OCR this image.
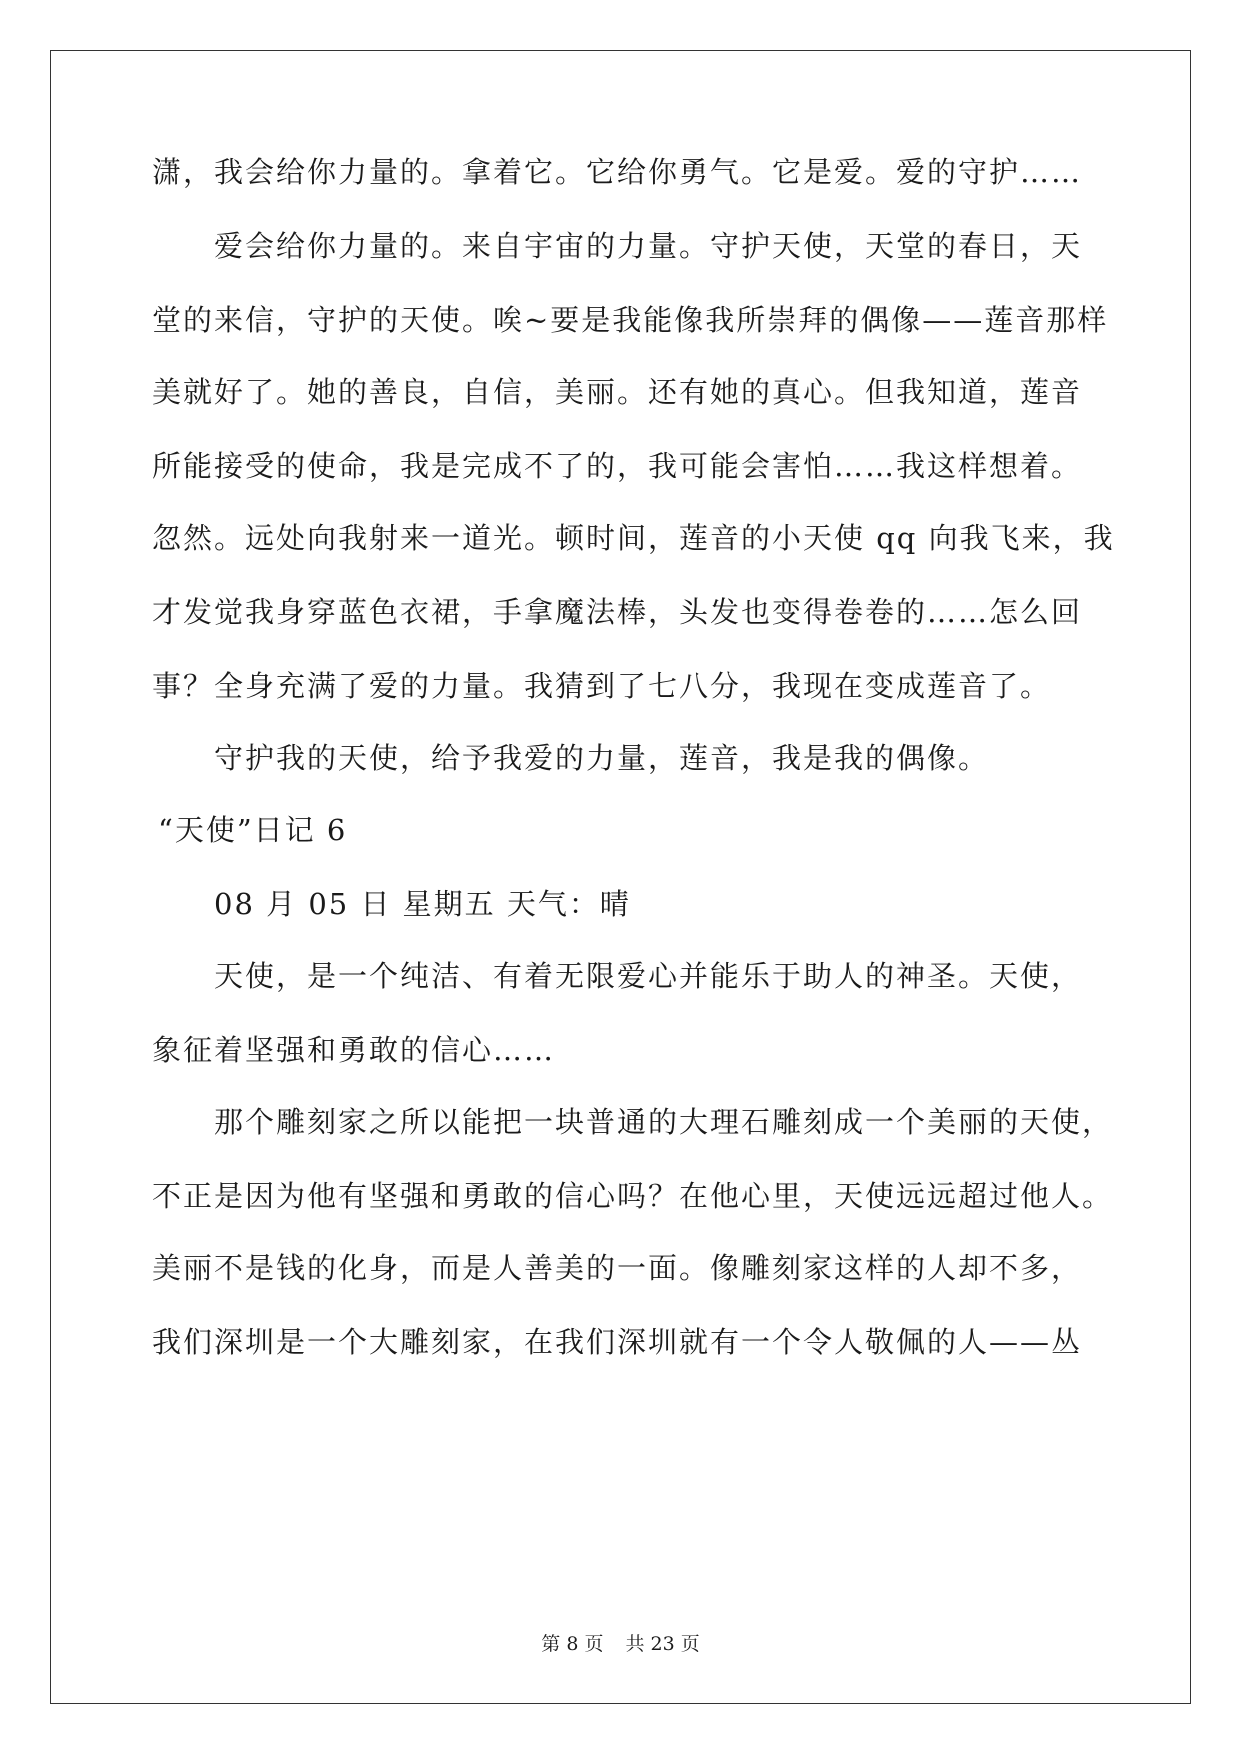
潇，我会给你力量的。拿着它。它给你勇气。它是爱。爱的守护……
爱会给你力量的。来自宇宙的力量。守护天使，天堂的春日，天
堂的来信，守护的天使。唉~要是我能像我所崇拜的偶像——莲音那样
美就好了。她的善良，自信，美丽。还有她的真心。但我知道，莲音
所能接受的使命，我是完成不了的，我可能会害怕……我这样想着。
忽然。远处向我射来一道光。顿时间，莲音的小天使 qq 向我飞来，我
才发觉我身穿蓝色衣裙，手拿魔法棒，头发也变得卷卷的……怎么回
事？全身充满了爱的力量。我猜到了七八分，我现在变成莲音了。
守护我的天使，给予我爱的力量，莲音，我是我的偶像。
“天使”日记 6
08 月 05 日 星期五 天气：晴
天使，是一个纯洁、有着无限爱心并能乐于助人的神圣。天使，
象征着坚强和勇敢的信心……
那个雕刻家之所以能把一块普通的大理石雕刻成一个美丽的天使，
不正是因为他有坚强和勇敢的信心吗？在他心里，天使远远超过他人。
美丽不是钱的化身，而是人善美的一面。像雕刻家这样的人却不多，
我们深圳是一个大雕刻家，在我们深圳就有一个令人敬佩的人——丛
第 8 页 共 23 页
